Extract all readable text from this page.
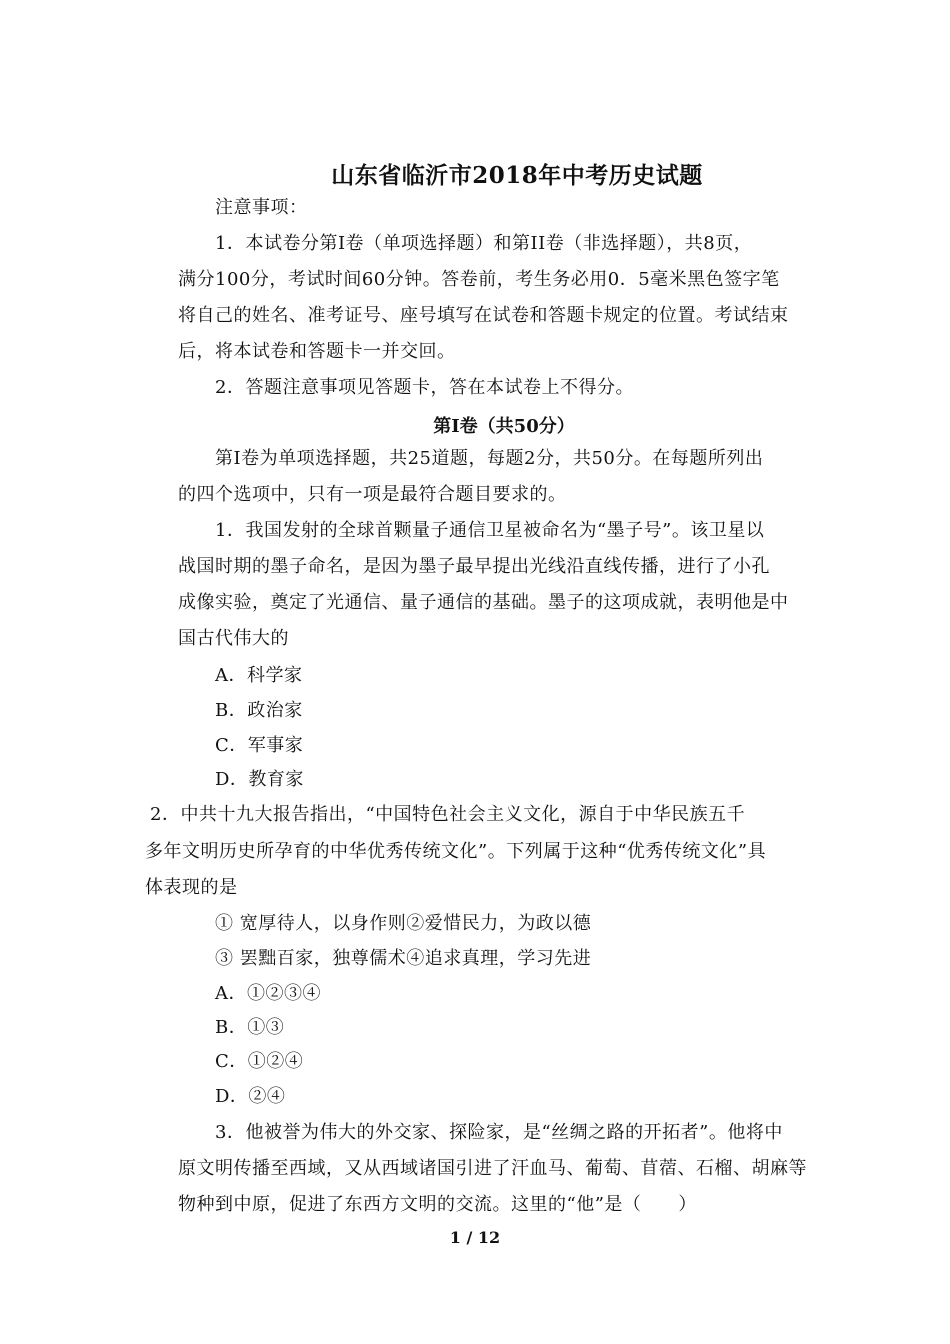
山东省临沂市2018年中考历史试题
注意事项：
1．本试卷分第Ⅰ卷（单项选择题）和第II卷（非选择题），共8页，
满分100分，考试时间60分钟。答卷前，考生务必用0．5毫米黑色签字笔
将自己的姓名、准考证号、座号填写在试卷和答题卡规定的位置。考试结束
后，将本试卷和答题卡一并交回。
2．答题注意事项见答题卡，答在本试卷上不得分。
第Ⅰ卷（共50分）
第Ⅰ卷为单项选择题，共25道题，每题2分，共50分。在每题所列出
的四个选项中，只有一项是最符合题目要求的。
1．我国发射的全球首颗量子通信卫星被命名为“墨子号”。该卫星以
战国时期的墨子命名，是因为墨子最早提出光线沿直线传播，进行了小孔
成像实验，奠定了光通信、量子通信的基础。墨子的这项成就，表明他是中
国古代伟大的
A．科学家
B．政治家
C．军事家
D．教育家
2．中共十九大报告指出，“中国特色社会主义文化，源自于中华民族五千
多年文明历史所孕育的中华优秀传统文化”。下列属于这种“优秀传统文化”具
体表现的是
① 宽厚待人，以身作则②爱惜民力，为政以德
③ 罢黜百家，独尊儒术④追求真理，学习先进
A．①②③④
B．①③
C．①②④
D．②④
3．他被誉为伟大的外交家、探险家，是“丝绸之路的开拓者”。他将中
原文明传播至西域，又从西域诸国引进了汗血马、葡萄、苜蓿、石榴、胡麻等
物种到中原，促进了东西方文明的交流。这里的“他”是（　　）
1 / 12
